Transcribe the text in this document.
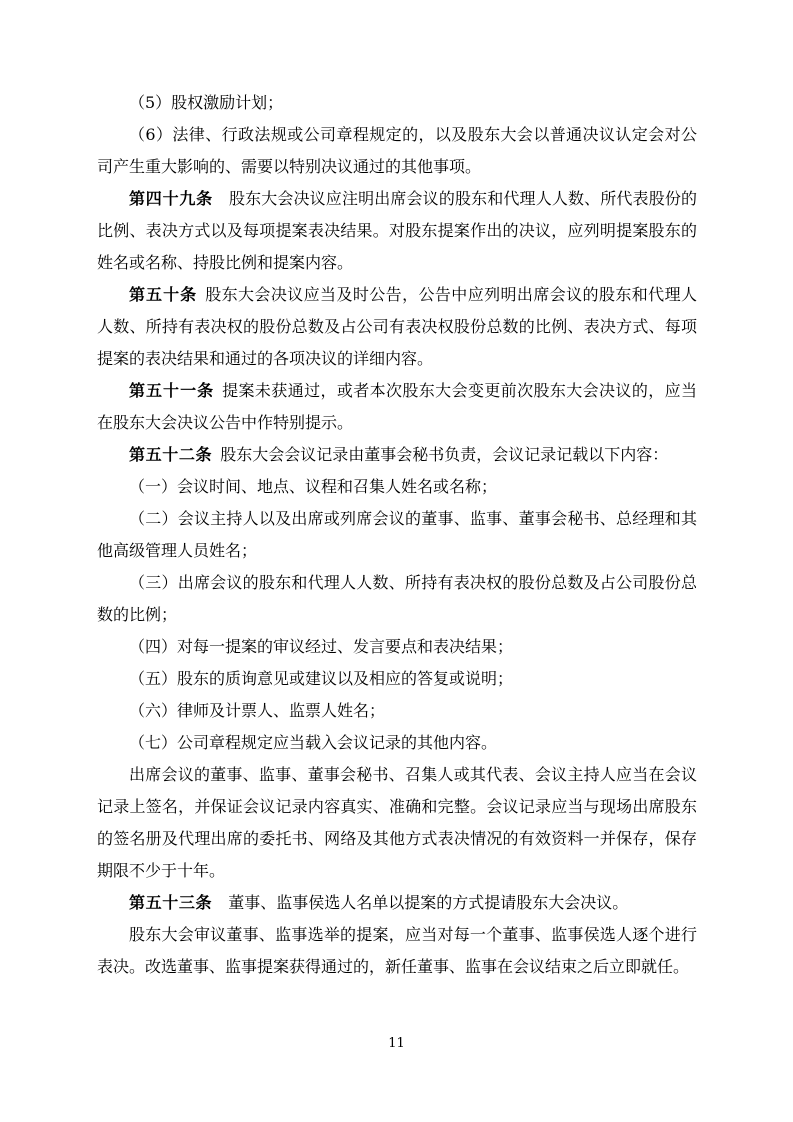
（5）股权激励计划；

（6）法律、行政法规或公司章程规定的，以及股东大会以普通决议认定会对公司产生重大影响的、需要以特别决议通过的其他事项。

第四十九条 股东大会决议应注明出席会议的股东和代理人人数、所代表股份的比例、表决方式以及每项提案表决结果。对股东提案作出的决议，应列明提案股东的姓名或名称、持股比例和提案内容。

第五十条 股东大会决议应当及时公告，公告中应列明出席会议的股东和代理人人数、所持有表决权的股份总数及占公司有表决权股份总数的比例、表决方式、每项提案的表决结果和通过的各项决议的详细内容。

第五十一条 提案未获通过，或者本次股东大会变更前次股东大会决议的，应当在股东大会决议公告中作特别提示。

第五十二条 股东大会会议记录由董事会秘书负责，会议记录记载以下内容：

（一）会议时间、地点、议程和召集人姓名或名称；

（二）会议主持人以及出席或列席会议的董事、监事、董事会秘书、总经理和其他高级管理人员姓名；

（三）出席会议的股东和代理人人数、所持有表决权的股份总数及占公司股份总数的比例；

（四）对每一提案的审议经过、发言要点和表决结果；

（五）股东的质询意见或建议以及相应的答复或说明；

（六）律师及计票人、监票人姓名；

（七）公司章程规定应当载入会议记录的其他内容。

出席会议的董事、监事、董事会秘书、召集人或其代表、会议主持人应当在会议记录上签名，并保证会议记录内容真实、准确和完整。会议记录应当与现场出席股东的签名册及代理出席的委托书、网络及其他方式表决情况的有效资料一并保存，保存期限不少于十年。

第五十三条 董事、监事侯选人名单以提案的方式提请股东大会决议。

股东大会审议董事、监事选举的提案，应当对每一个董事、监事侯选人逐个进行表决。改选董事、监事提案获得通过的，新任董事、监事在会议结束之后立即就任。

11
